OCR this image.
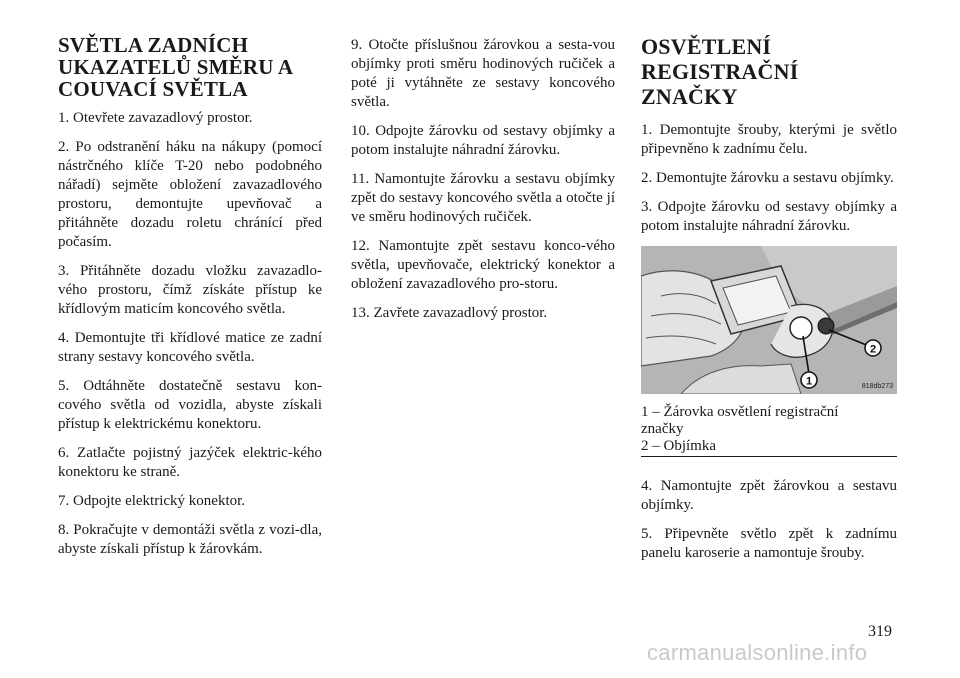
SVĚTLA ZADNÍCH
UKAZATELŮ SMĚRU A
COUVACÍ SVĚTLA

1. Otevřete zavazadlový prostor.

2. Po odstranění háku na nákupy (pomocí nástrčného klíče T-20 nebo podobného nářadí) sejměte obložení zavazadlového prostoru, demontujte upevňovač a přitáhněte dozadu roletu chránící před počasím.

3. Přitáhněte dozadu vložku zavazadlo-vého prostoru, čímž získáte přístup ke křídlovým maticím koncového světla.

4. Demontujte tři křídlové matice ze zadní strany sestavy koncového světla.

5. Odtáhněte dostatečně sestavu kon-cového světla od vozidla, abyste získali přístup k elektrickému konektoru.

6. Zatlačte pojistný jazýček elektric-kého konektoru ke straně.

7. Odpojte elektrický konektor.

8. Pokračujte v demontáži světla z vozi-dla, abyste získali přístup k žárovkám.

9. Otočte příslušnou žárovkou a sesta-vou objímky proti směru hodinových ručiček a poté ji vytáhněte ze sestavy koncového světla.

10. Odpojte žárovku od sestavy objímky a potom instalujte náhradní žárovku.

11. Namontujte žárovku a sestavu objímky zpět do sestavy koncového světla a otočte jí ve směru hodinových ručiček.

12. Namontujte zpět sestavu konco-vého světla, upevňovače, elektrický konektor a obložení zavazadlového pro-storu.

13. Zavřete zavazadlový prostor.

OSVĚTLENÍ
REGISTRAČNÍ ZNAČKY

1. Demontujte šrouby, kterými je světlo připevněno k zadnímu čelu.

2. Demontujte žárovku a sestavu objímky.

3. Odpojte žárovku od sestavy objímky a potom instalujte náhradní žárovku.

2
1	818db273
1 – Žárovka osvětlení registrační
značky
2 – Objímka

4. Namontujte zpět žárovkou a sestavu objímky.

5. Připevněte světlo zpět k zadnímu panelu karoserie a namontuje šrouby.

319
carmanualsonline.info
